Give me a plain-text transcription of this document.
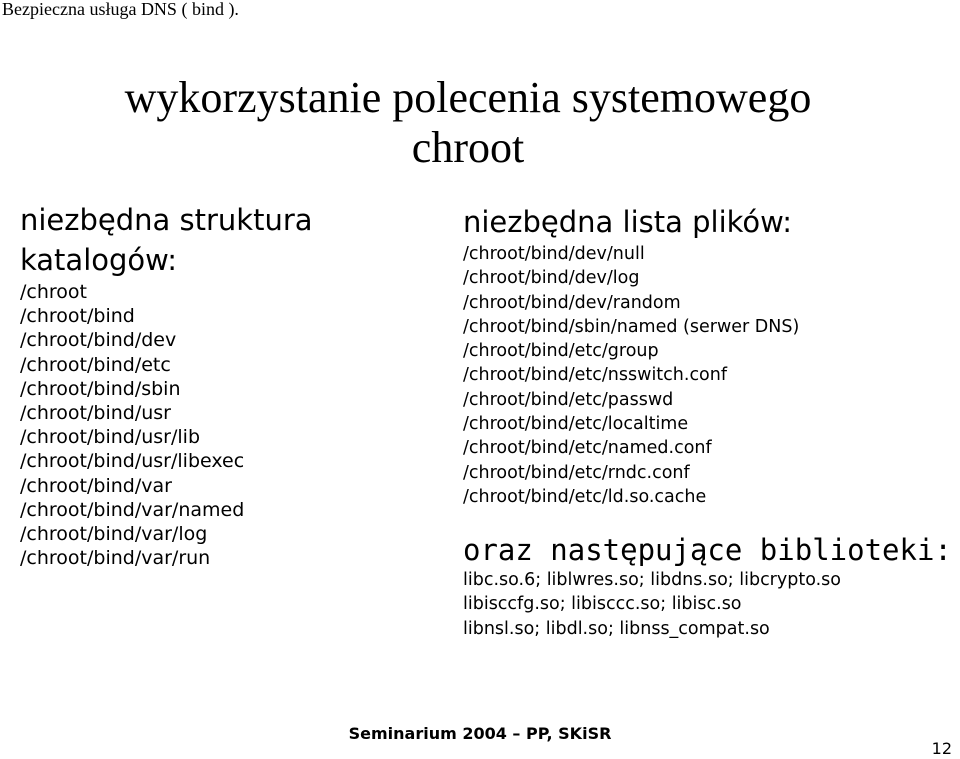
Bezpieczna usługa DNS ( bind ).
wykorzystanie polecenia systemowego
chroot
niezbędna struktura
katalogów:
/chroot
/chroot/bind
/chroot/bind/dev
/chroot/bind/etc
/chroot/bind/sbin
/chroot/bind/usr
/chroot/bind/usr/lib
/chroot/bind/usr/libexec
/chroot/bind/var
/chroot/bind/var/named
/chroot/bind/var/log
/chroot/bind/var/run
niezbędna lista plików:
/chroot/bind/dev/null
/chroot/bind/dev/log
/chroot/bind/dev/random
/chroot/bind/sbin/named (serwer DNS)
/chroot/bind/etc/group
/chroot/bind/etc/nsswitch.conf
/chroot/bind/etc/passwd
/chroot/bind/etc/localtime
/chroot/bind/etc/named.conf
/chroot/bind/etc/rndc.conf
/chroot/bind/etc/ld.so.cache
oraz następujące biblioteki:
libc.so.6; liblwres.so; libdns.so; libcrypto.so
libisccfg.so; libisccc.so; libisc.so
libnsl.so; libdl.so; libnss_compat.so
Seminarium 2004 – PP, SKiSR
12
